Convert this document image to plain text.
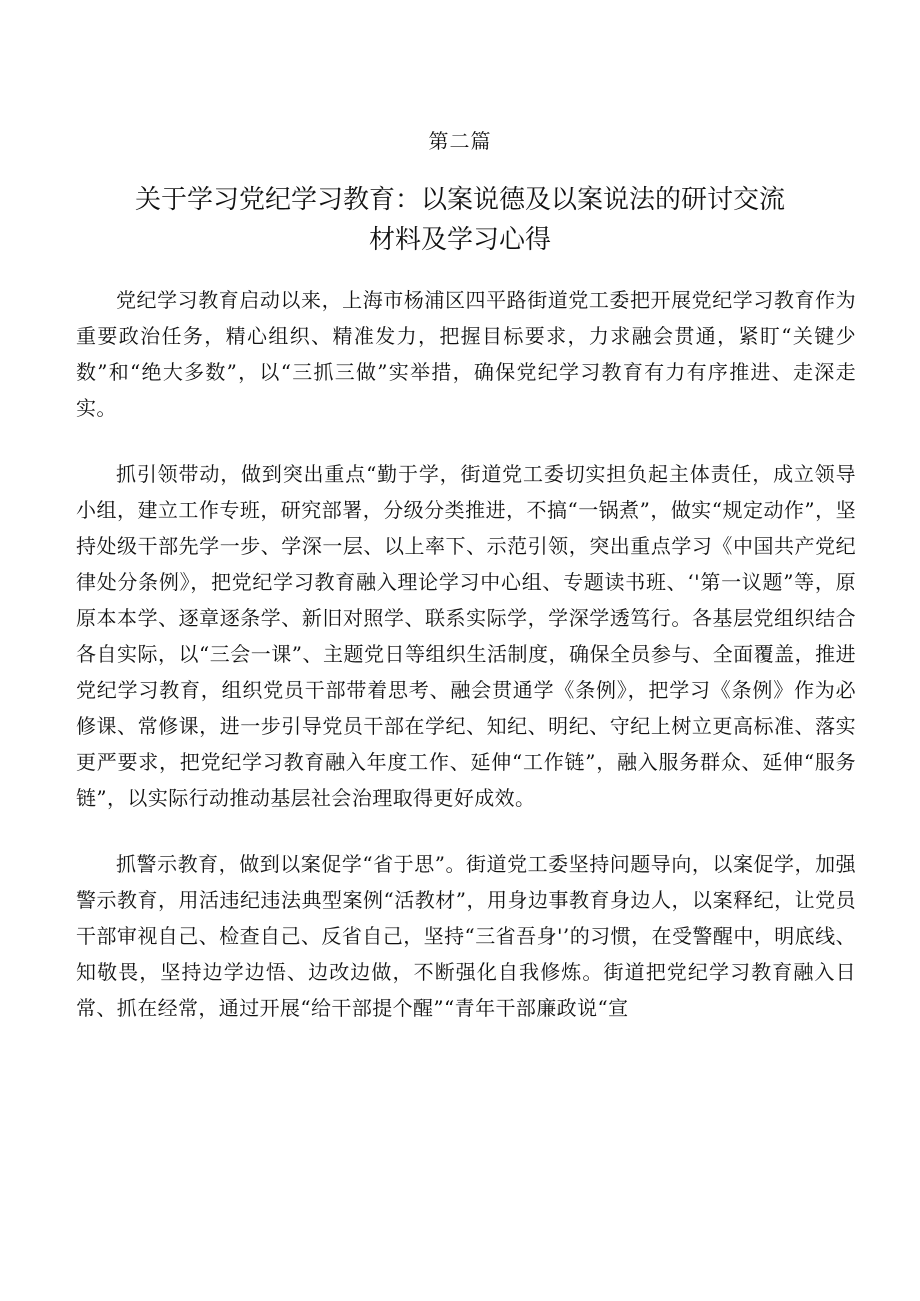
第二篇
关于学习党纪学习教育：以案说德及以案说法的研讨交流
材料及学习心得

党纪学习教育启动以来，上海市杨浦区四平路街道党工委把开展党纪学习教育作为重要政治任务，精心组织、精准发力，把握目标要求，力求融会贯通，紧盯“关键少数”和“绝大多数”，以“三抓三做”实举措，确保党纪学习教育有力有序推进、走深走实。

抓引领带动，做到突出重点“勤于学，街道党工委切实担负起主体责任，成立领导小组，建立工作专班，研究部署，分级分类推进，不搞“一锅煮”，做实“规定动作”，坚持处级干部先学一步、学深一层、以上率下、示范引领，突出重点学习《中国共产党纪律处分条例》，把党纪学习教育融入理论学习中心组、专题读书班、‘'第一议题”等，原原本本学、逐章逐条学、新旧对照学、联系实际学，学深学透笃行。各基层党组织结合各自实际，以“三会一课”、主题党日等组织生活制度，确保全员参与、全面覆盖，推进党纪学习教育，组织党员干部带着思考、融会贯通学《条例》，把学习《条例》作为必修课、常修课，进一步引导党员干部在学纪、知纪、明纪、守纪上树立更高标准、落实更严要求，把党纪学习教育融入年度工作、延伸“工作链”，融入服务群众、延伸“服务链”，以实际行动推动基层社会治理取得更好成效。

抓警示教育，做到以案促学“省于思”。街道党工委坚持问题导向，以案促学，加强警示教育，用活违纪违法典型案例“活教材”，用身边事教育身边人，以案释纪，让党员干部审视自己、检查自己、反省自己，坚持“三省吾身'’的习惯，在受警醒中，明底线、知敬畏，坚持边学边悟、边改边做，不断强化自我修炼。街道把党纪学习教育融入日常、抓在经常，通过开展“给干部提个醒”“青年干部廉政说“宣
